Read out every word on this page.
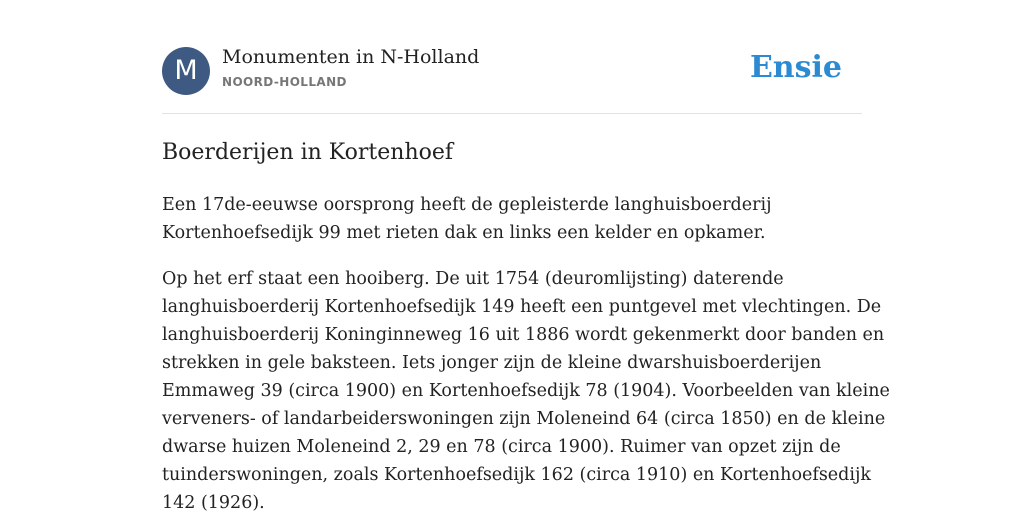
M	Monumenten in N-Holland
NOORD-HOLLAND	Ensie
Boerderijen in Kortenhoef

Een 17de-eeuwse oorsprong heeft de gepleisterde langhuisboerderij
Kortenhoefsedijk 99 met rieten dak en links een kelder en opkamer.

Op het erf staat een hooiberg. De uit 1754 (deuromlijsting) daterende
langhuisboerderij Kortenhoefsedijk 149 heeft een puntgevel met vlechtingen. De
langhuisboerderij Koninginneweg 16 uit 1886 wordt gekenmerkt door banden en
strekken in gele baksteen. Iets jonger zijn de kleine dwarshuisboerderijen
Emmaweg 39 (circa 1900) en Kortenhoefsedijk 78 (1904). Voorbeelden van kleine
verveners- of landarbeiderswoningen zijn Moleneind 64 (circa 1850) en de kleine
dwarse huizen Moleneind 2, 29 en 78 (circa 1900). Ruimer van opzet zijn de
tuinderswoningen, zoals Kortenhoefsedijk 162 (circa 1910) en Kortenhoefsedijk
142 (1926).
